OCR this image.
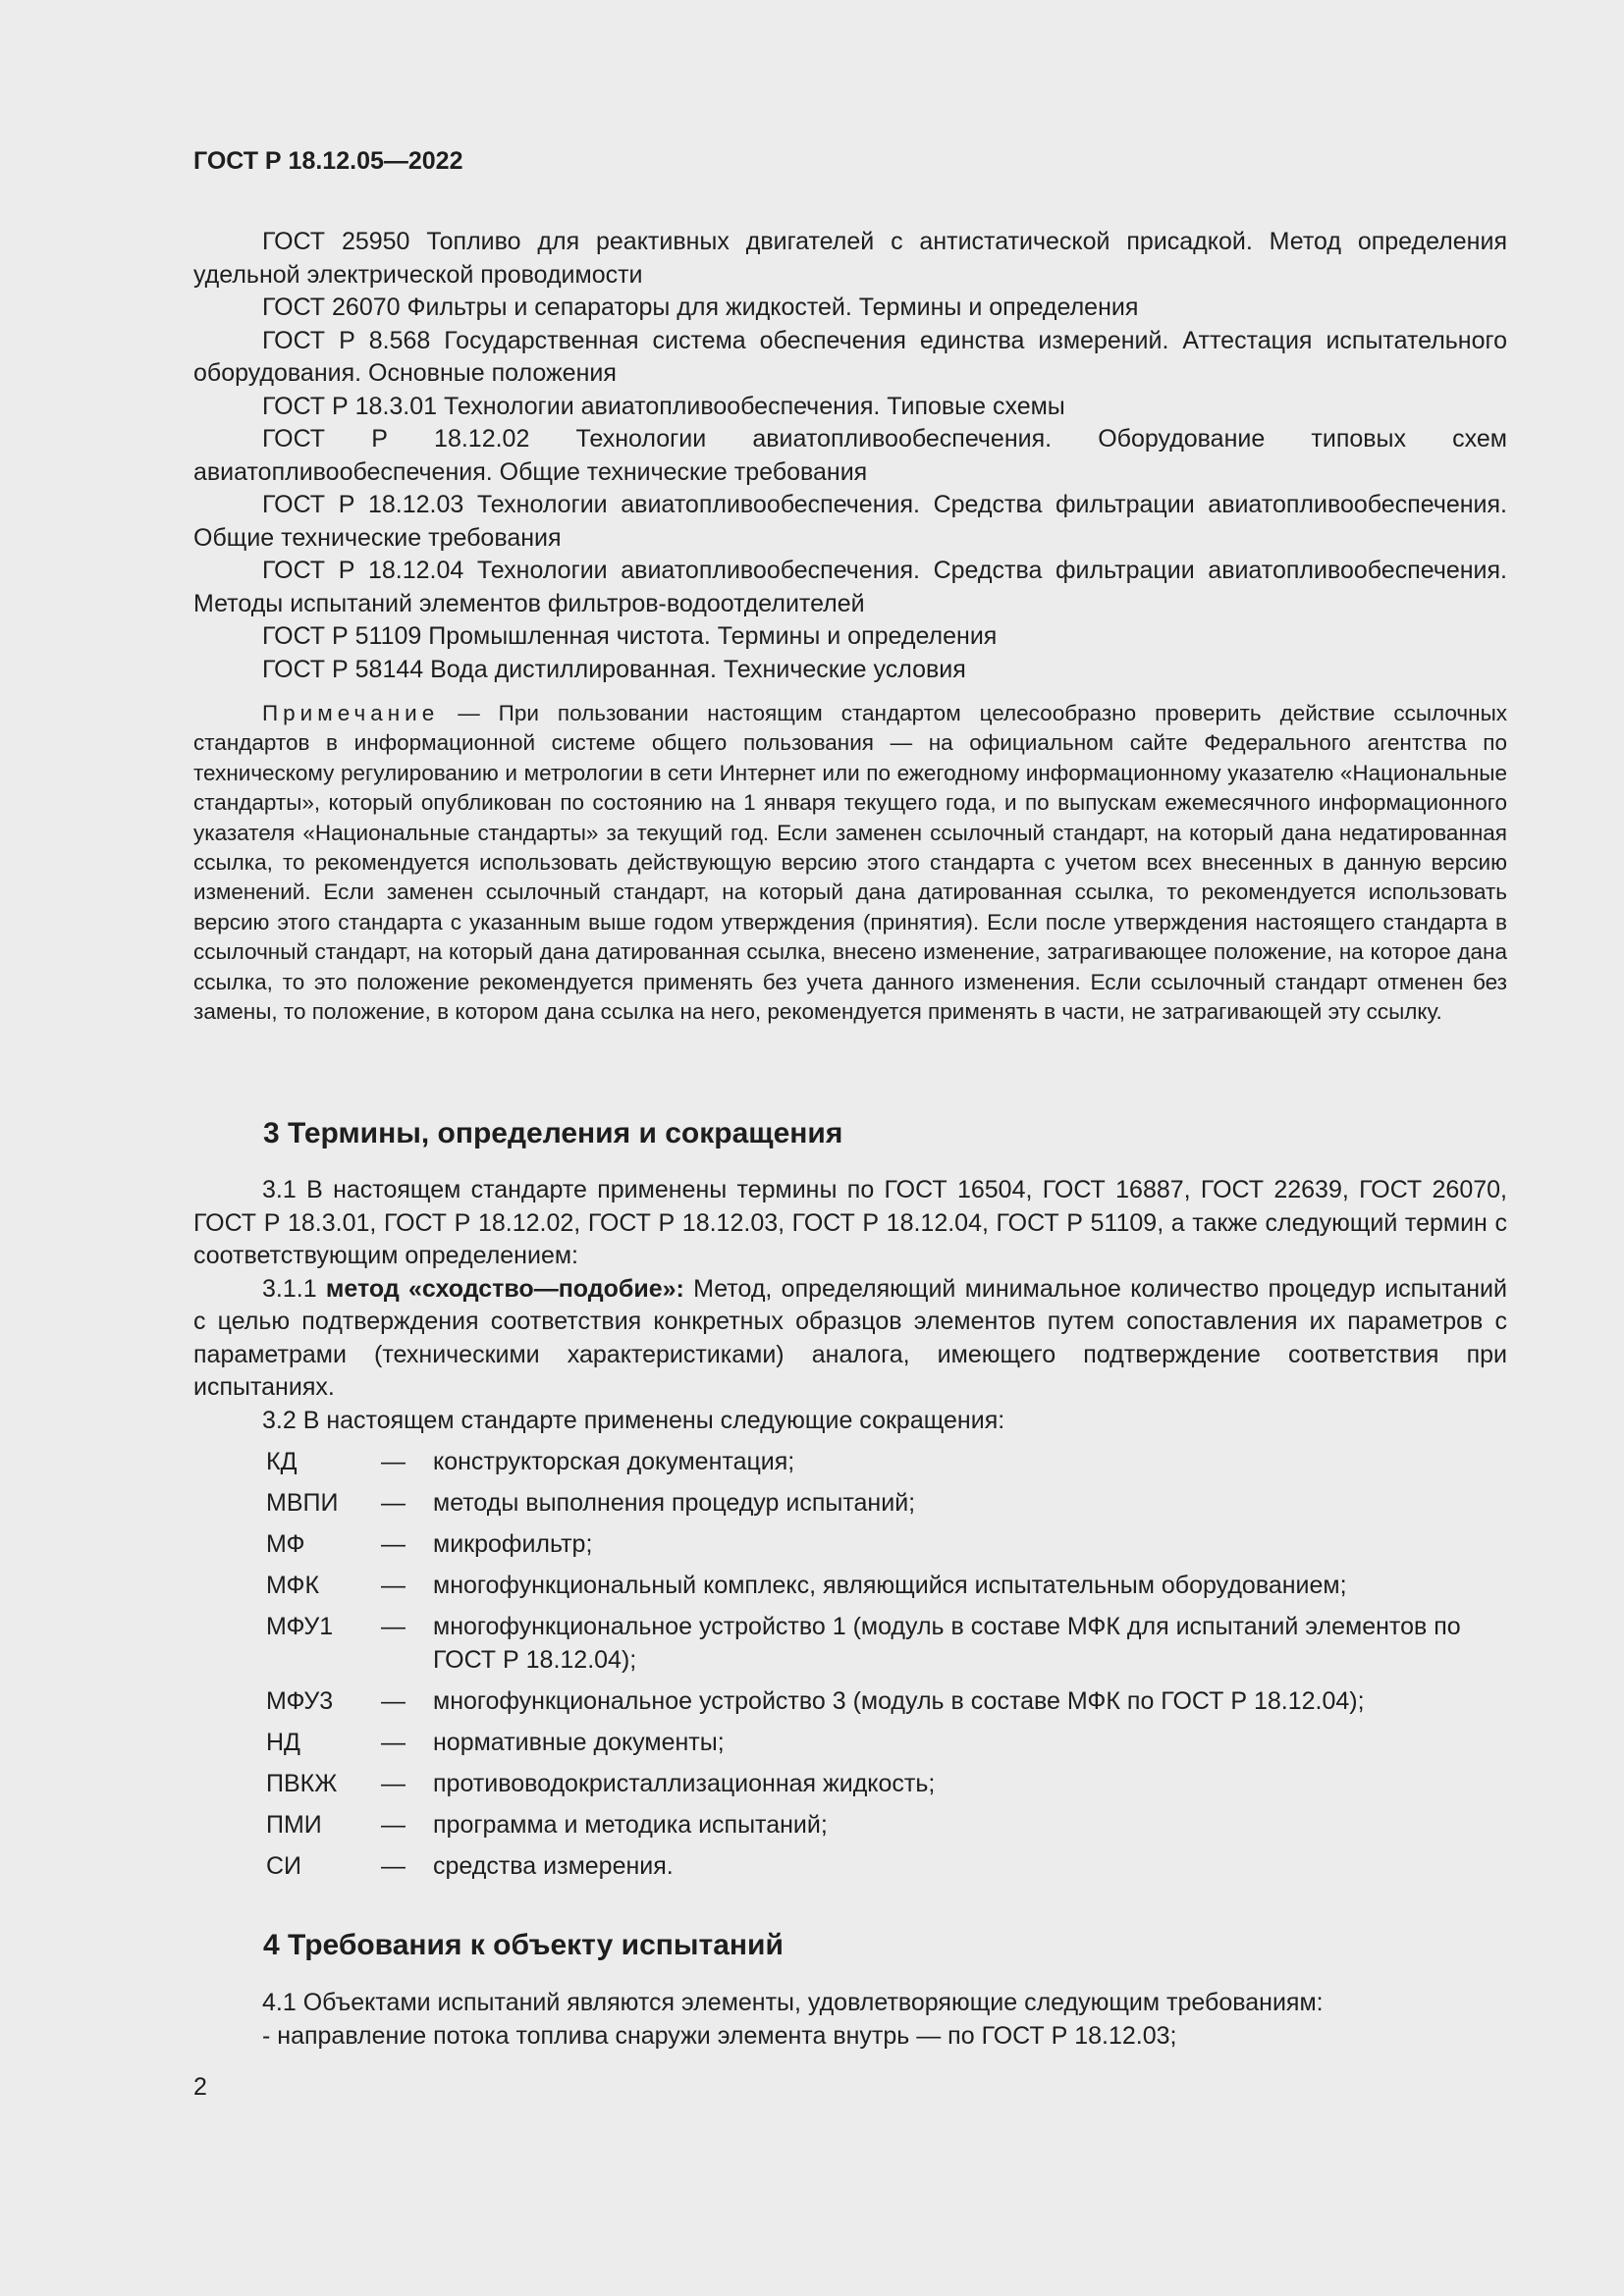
ГОСТ Р 18.12.05—2022

ГОСТ 25950 Топливо для реактивных двигателей с антистатической присадкой. Метод определения удельной электрической проводимости

ГОСТ 26070 Фильтры и сепараторы для жидкостей. Термины и определения

ГОСТ Р 8.568 Государственная система обеспечения единства измерений. Аттестация испытательного оборудования. Основные положения

ГОСТ Р 18.3.01 Технологии авиатопливообеспечения. Типовые схемы

ГОСТ Р 18.12.02 Технологии авиатопливообеспечения. Оборудование типовых схем авиатопливообеспечения. Общие технические требования

ГОСТ Р 18.12.03 Технологии авиатопливообеспечения. Средства фильтрации авиатопливообеспечения. Общие технические требования

ГОСТ Р 18.12.04 Технологии авиатопливообеспечения. Средства фильтрации авиатопливообеспечения. Методы испытаний элементов фильтров-водоотделителей

ГОСТ Р 51109 Промышленная чистота. Термины и определения

ГОСТ Р 58144 Вода дистиллированная. Технические условия

Примечание — При пользовании настоящим стандартом целесообразно проверить действие ссылочных стандартов в информационной системе общего пользования — на официальном сайте Федерального агентства по техническому регулированию и метрологии в сети Интернет или по ежегодному информационному указателю «Национальные стандарты», который опубликован по состоянию на 1 января текущего года, и по выпускам ежемесячного информационного указателя «Национальные стандарты» за текущий год. Если заменен ссылочный стандарт, на который дана недатированная ссылка, то рекомендуется использовать действующую версию этого стандарта с учетом всех внесенных в данную версию изменений. Если заменен ссылочный стандарт, на который дана датированная ссылка, то рекомендуется использовать версию этого стандарта с указанным выше годом утверждения (принятия). Если после утверждения настоящего стандарта в ссылочный стандарт, на который дана датированная ссылка, внесено изменение, затрагивающее положение, на которое дана ссылка, то это положение рекомендуется применять без учета данного изменения. Если ссылочный стандарт отменен без замены, то положение, в котором дана ссылка на него, рекомендуется применять в части, не затрагивающей эту ссылку.

3 Термины, определения и сокращения

3.1 В настоящем стандарте применены термины по ГОСТ 16504, ГОСТ 16887, ГОСТ 22639, ГОСТ 26070, ГОСТ Р 18.3.01, ГОСТ Р 18.12.02, ГОСТ Р 18.12.03, ГОСТ Р 18.12.04, ГОСТ Р 51109, а также следующий термин с соответствующим определением:

3.1.1 метод «сходство—подобие»: Метод, определяющий минимальное количество процедур испытаний с целью подтверждения соответствия конкретных образцов элементов путем сопоставления их параметров с параметрами (техническими характеристиками) аналога, имеющего подтверждение соответствия при испытаниях.

3.2 В настоящем стандарте применены следующие сокращения:

КД	—	конструкторская документация;
МВПИ	—	методы выполнения процедур испытаний;
МФ	—	микрофильтр;
МФК	—	многофункциональный комплекс, являющийся испытательным оборудованием;
МФУ1	—	многофункциональное устройство 1 (модуль в составе МФК для испытаний элементов по ГОСТ Р 18.12.04);
МФУ3	—	многофункциональное устройство 3 (модуль в составе МФК по ГОСТ Р 18.12.04);
НД	—	нормативные документы;
ПВКЖ	—	противоводокристаллизационная жидкость;
ПМИ	—	программа и методика испытаний;
СИ	—	средства измерения.
4 Требования к объекту испытаний

4.1 Объектами испытаний являются элементы, удовлетворяющие следующим требованиям:

- направление потока топлива снаружи элемента внутрь — по ГОСТ Р 18.12.03;

2
